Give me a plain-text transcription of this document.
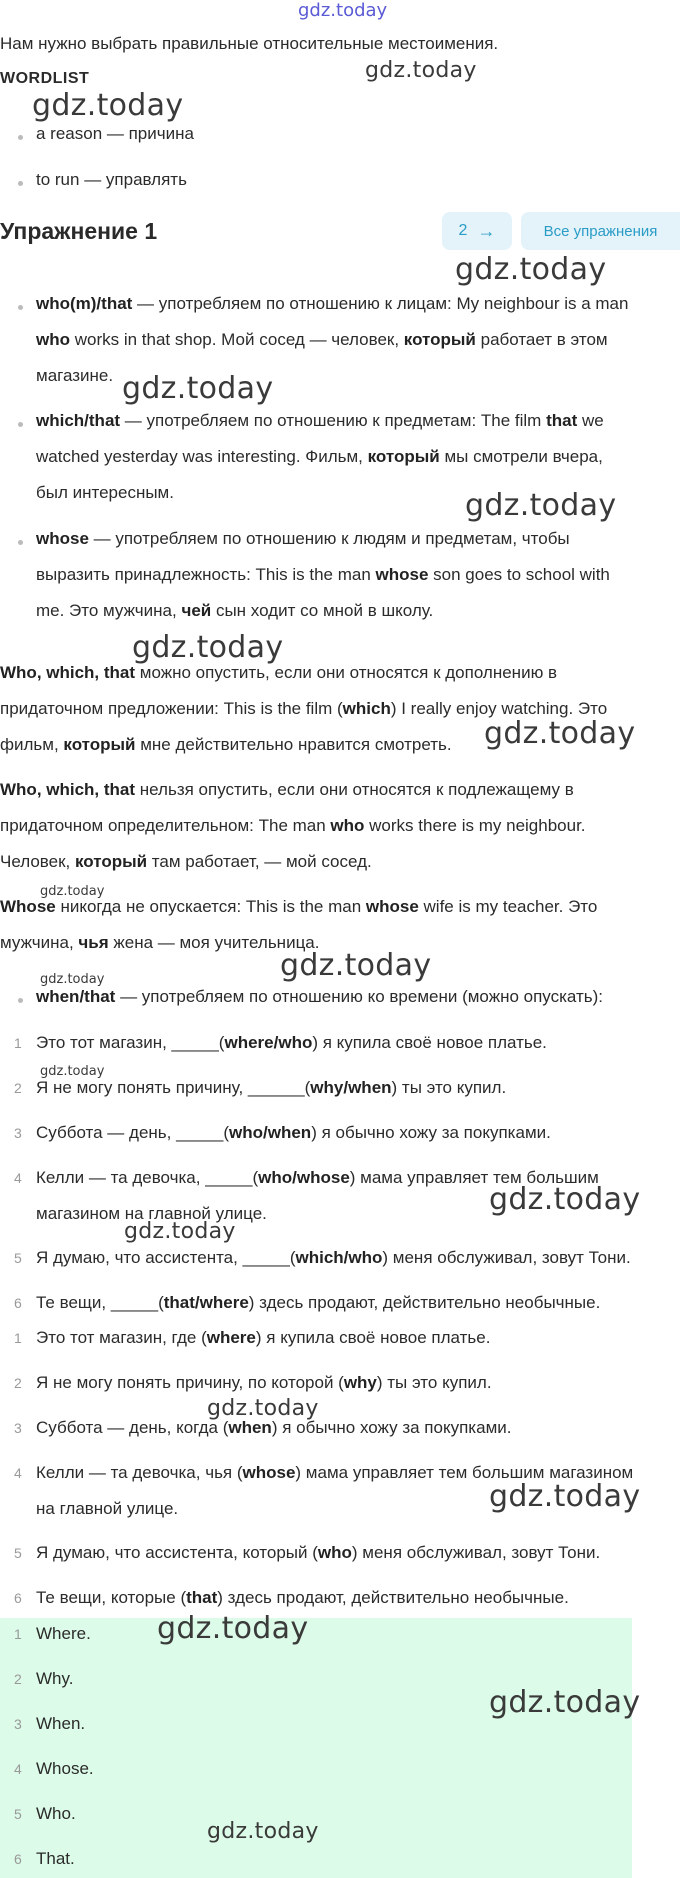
gdz.today
Нам нужно выбрать правильные относительные местоимения.
WORDLIST
a reason — причина
to run — управлять
Упражнение 1	2 →	Все упражнения
who(m)/that — употребляем по отношению к лицам: My neighbour is a man
who works in that shop. Мой сосед — человек, который работает в этом
магазине.
which/that — употребляем по отношению к предметам: The film that we
watched yesterday was interesting. Фильм, который мы смотрели вчера,
был интересным.
whose — употребляем по отношению к людям и предметам, чтобы
выразить принадлежность: This is the man whose son goes to school with
me. Это мужчина, чей сын ходит со мной в школу.
Who, which, that можно опустить, если они относятся к дополнению в
придаточном предложении: This is the film (which) I really enjoy watching. Это
фильм, который мне действительно нравится смотреть.
Who, which, that нельзя опустить, если они относятся к подлежащему в
придаточном определительном: The man who works there is my neighbour.
Человек, который там работает, — мой сосед.
Whose никогда не опускается: This is the man whose wife is my teacher. Это
мужчина, чья жена — моя учительница.
when/that — употребляем по отношению ко времени (можно опускать):
1 Это тот магазин, _____(where/who) я купила своё новое платье.
2 Я не могу понять причину, ______(why/when) ты это купил.
3 Суббота — день, _____(who/when) я обычно хожу за покупками.
4 Келли — та девочка, _____(who/whose) мама управляет тем большим
магазином на главной улице.
5 Я думаю, что ассистента, _____(which/who) меня обслуживал, зовут Тони.
6 Те вещи, _____(that/where) здесь продают, действительно необычные.
1 Это тот магазин, где (where) я купила своё новое платье.
2 Я не могу понять причину, по которой (why) ты это купил.
3 Суббота — день, когда (when) я обычно хожу за покупками.
4 Келли — та девочка, чья (whose) мама управляет тем большим магазином
на главной улице.
5 Я думаю, что ассистента, который (who) меня обслуживал, зовут Тони.
6 Те вещи, которые (that) здесь продают, действительно необычные.
1 Where.
2 Why.
3 When.
4 Whose.
5 Who.
6 That.
gdz.today
gdz.today
gdz.today
gdz.today
gdz.today
gdz.today
gdz.today
gdz.today
gdz.today
gdz.today
gdz.today
gdz.today
gdz.today
gdz.today
gdz.today
gdz.today
gdz.today
gdz.today
